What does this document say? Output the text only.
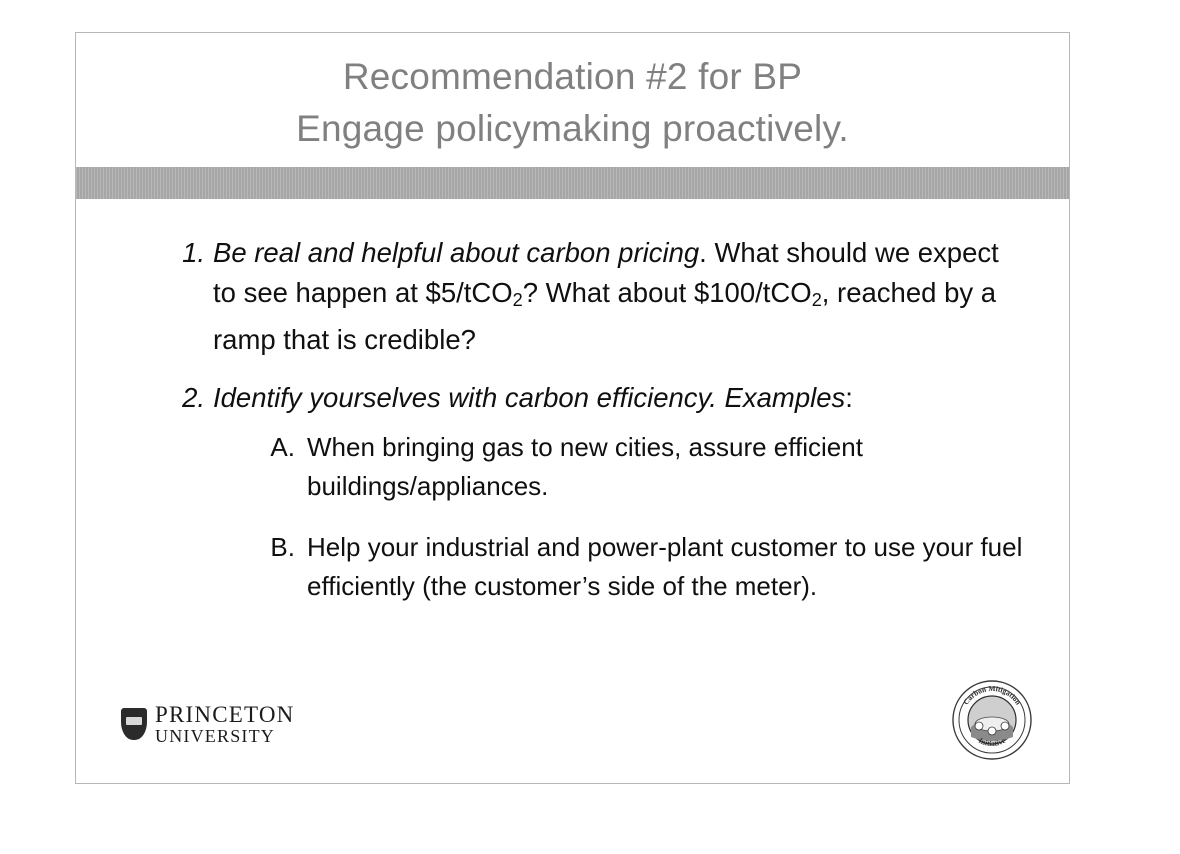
Recommendation #2 for BP
Engage policymaking proactively.
1. Be real and helpful about carbon pricing. What should we expect to see happen at $5/tCO$_2$? What about $100/tCO$_2$, reached by a ramp that is credible?
2. Identify yourselves with carbon efficiency. Examples:
A. When bringing gas to new cities, assure efficient buildings/appliances.
B. Help your industrial and power-plant customer to use your fuel efficiently (the customer’s side of the meter).
PRINCETON
UNIVERSITY
Carbon Mitigation
Initiative
